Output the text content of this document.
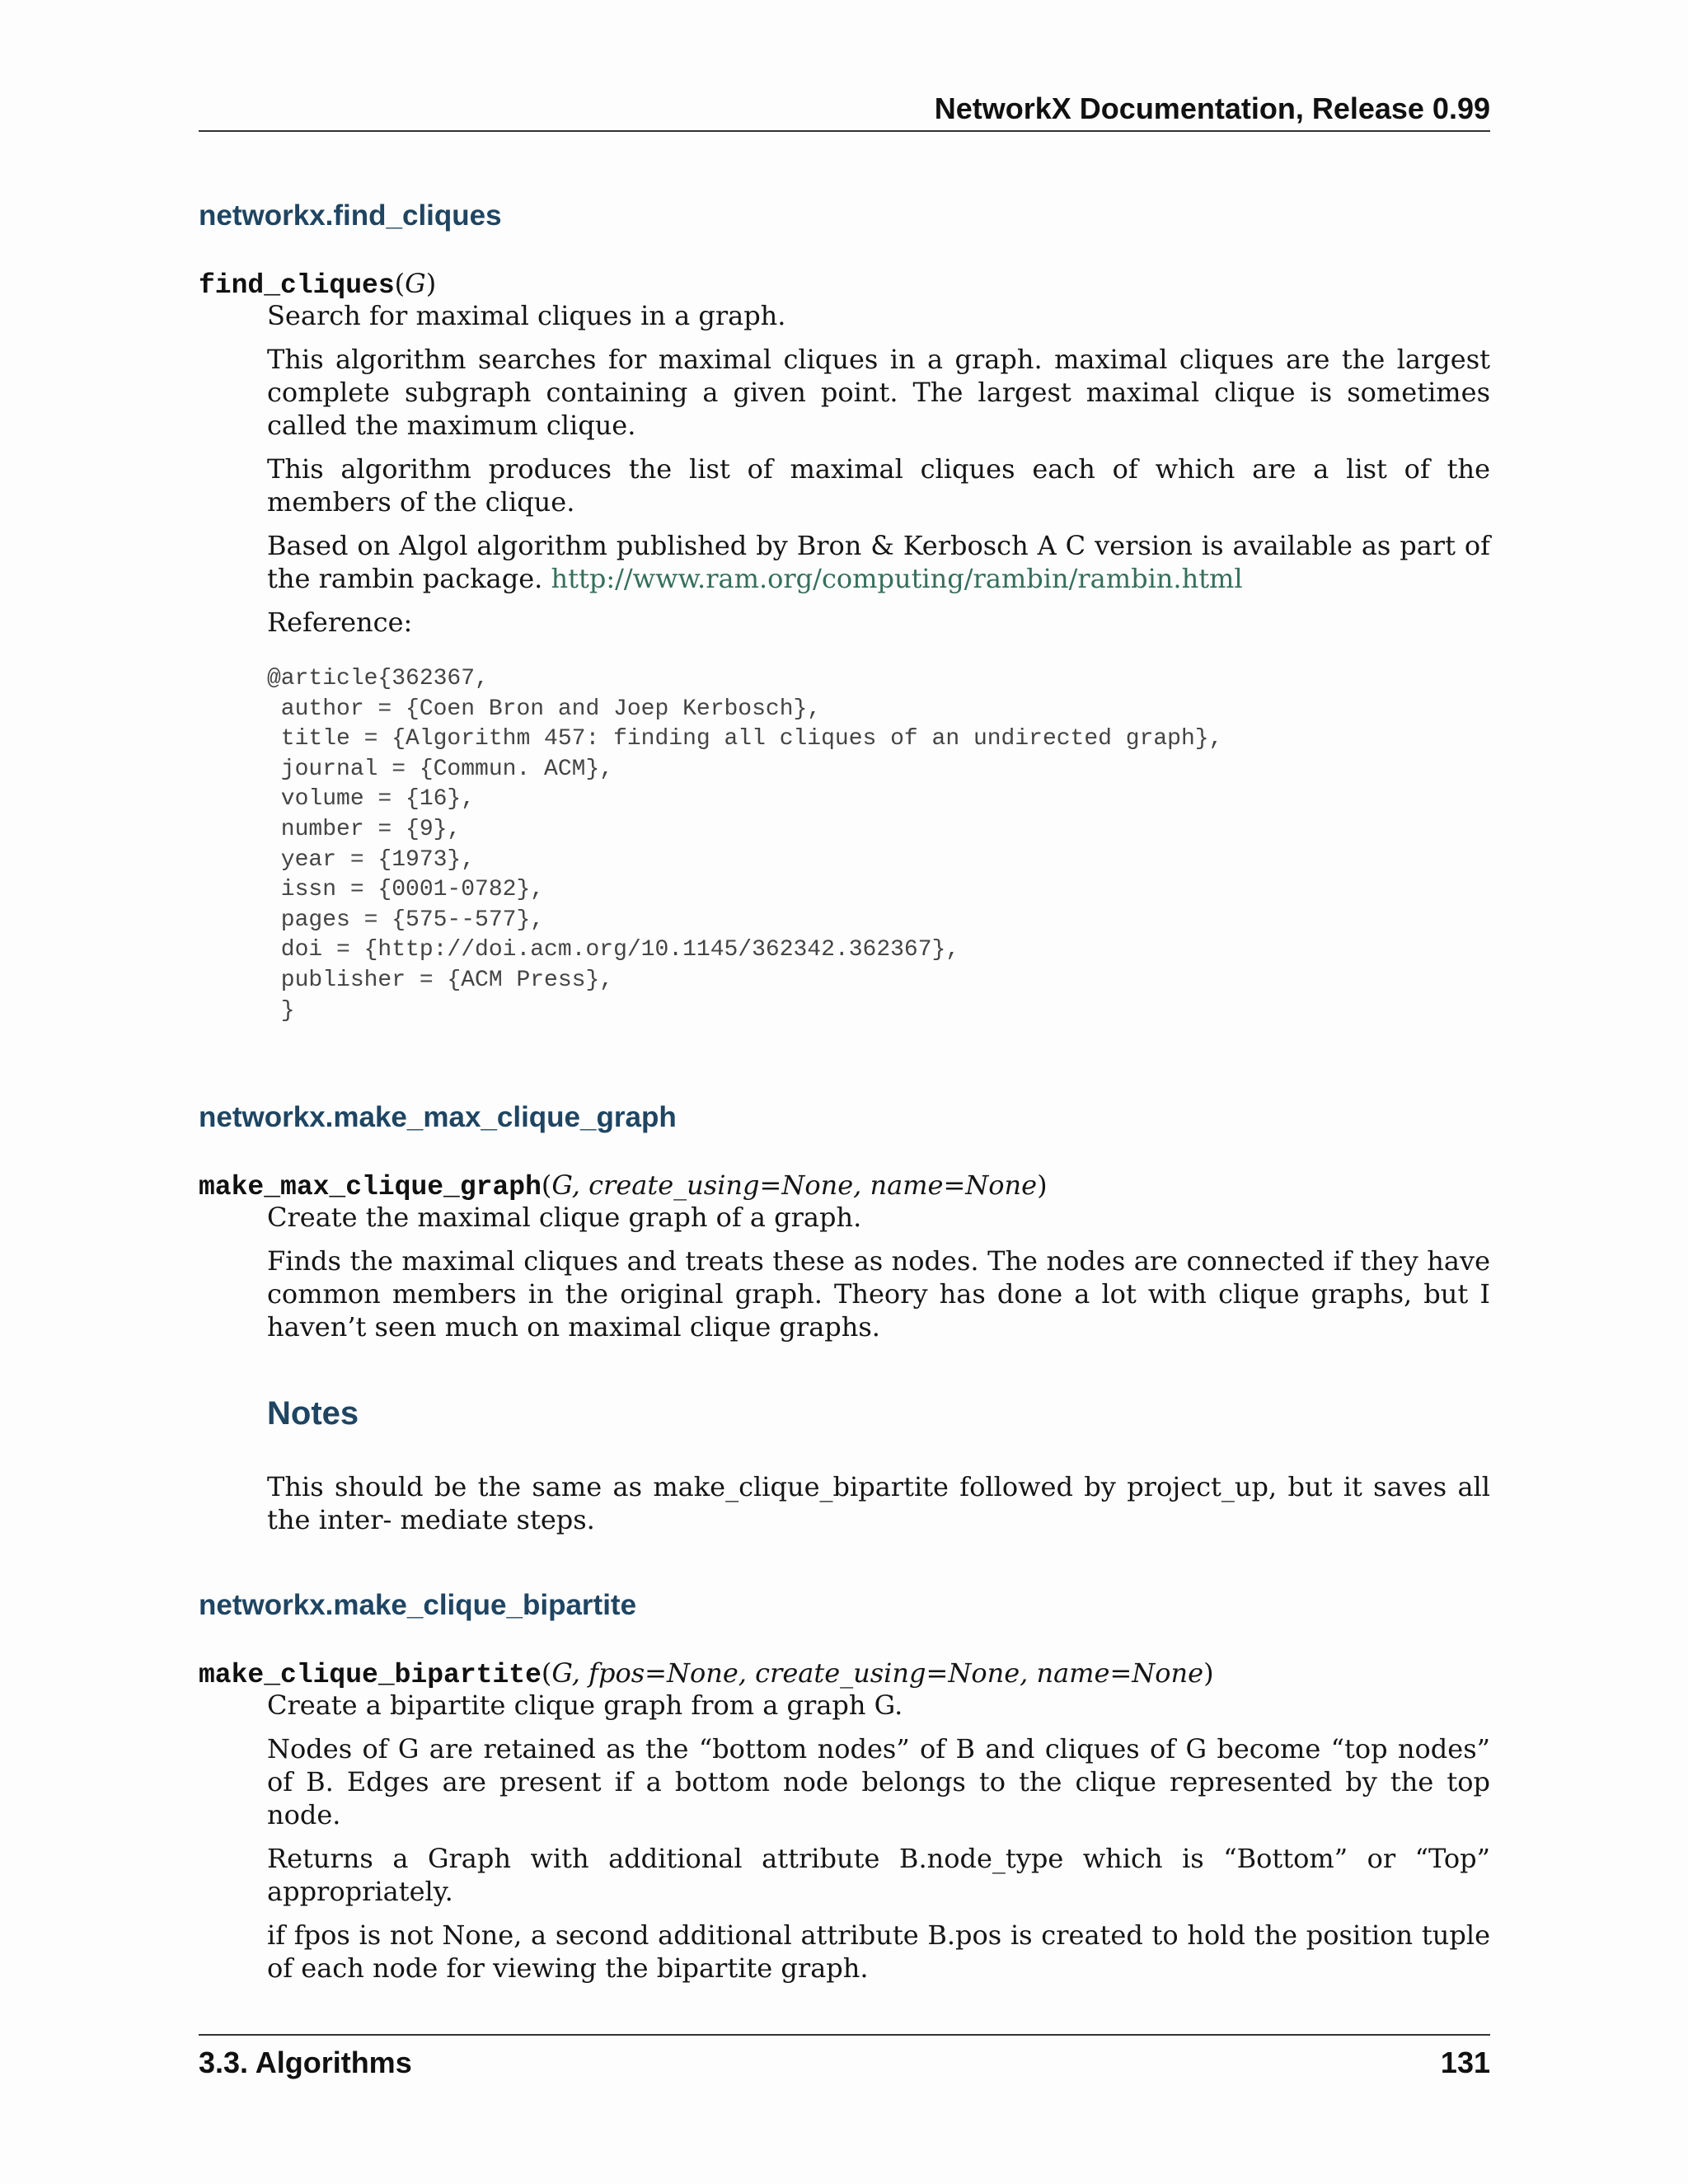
NetworkX Documentation, Release 0.99
networkx.find_cliques
find_cliques(G)

Search for maximal cliques in a graph.

This algorithm searches for maximal cliques in a graph. maximal cliques are the largest complete subgraph containing a given point. The largest maximal clique is sometimes called the maximum clique.

This algorithm produces the list of maximal cliques each of which are a list of the members of the clique.

Based on Algol algorithm published by Bron & Kerbosch A C version is available as part of the rambin package. http://www.ram.org/computing/rambin/rambin.html

Reference:

@article{362367,
author = {Coen Bron and Joep Kerbosch},
title = {Algorithm 457: finding all cliques of an undirected graph},
journal = {Commun. ACM},
volume = {16},
number = {9},
year = {1973},
issn = {0001-0782},
pages = {575--577},
doi = {http://doi.acm.org/10.1145/362342.362367},
publisher = {ACM Press},
}
networkx.make_max_clique_graph
make_max_clique_graph(G, create_using=None, name=None)

Create the maximal clique graph of a graph.

Finds the maximal cliques and treats these as nodes. The nodes are connected if they have common members in the original graph. Theory has done a lot with clique graphs, but I haven’t seen much on maximal clique graphs.

Notes

This should be the same as make_clique_bipartite followed by project_up, but it saves all the inter- mediate steps.

networkx.make_clique_bipartite
make_clique_bipartite(G, fpos=None, create_using=None, name=None)

Create a bipartite clique graph from a graph G.

Nodes of G are retained as the “bottom nodes” of B and cliques of G become “top nodes” of B. Edges are present if a bottom node belongs to the clique represented by the top node.

Returns a Graph with additional attribute B.node_type which is “Bottom” or “Top” appropriately.

if fpos is not None, a second additional attribute B.pos is created to hold the position tuple of each node for viewing the bipartite graph.

3.3. Algorithms	131
